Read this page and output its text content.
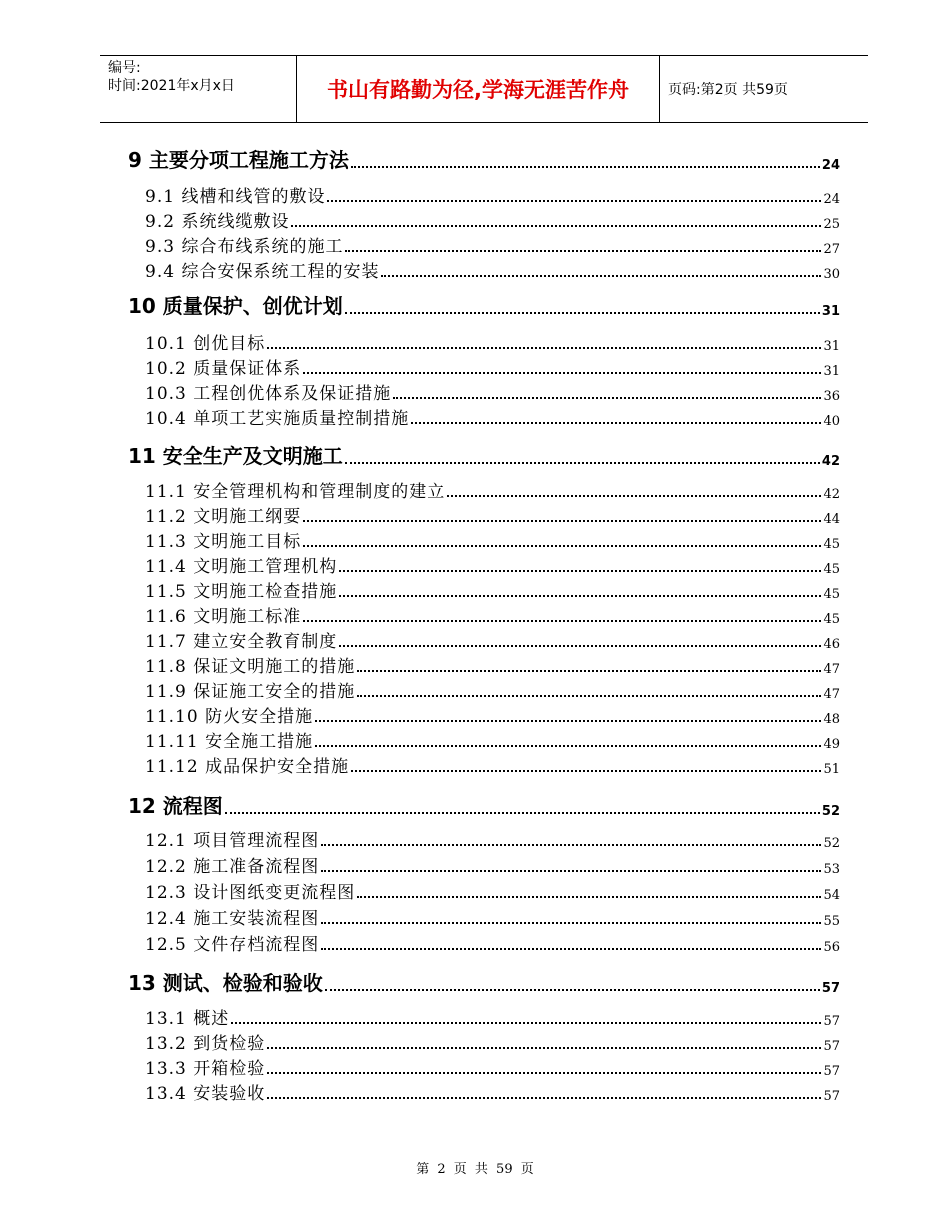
编号:
时间:2021年x月x日	书山有路勤为径,学海无涯苦作舟	页码:第2页 共59页
9 主要分项工程施工方法	24
9.1 线槽和线管的敷设	24
9.2 系统线缆敷设	25
9.3 综合布线系统的施工	27
9.4 综合安保系统工程的安装	30
10 质量保护、创优计划	31
10.1 创优目标	31
10.2 质量保证体系	31
10.3 工程创优体系及保证措施	36
10.4 单项工艺实施质量控制措施	40
11 安全生产及文明施工	42
11.1 安全管理机构和管理制度的建立	42
11.2 文明施工纲要	44
11.3 文明施工目标	45
11.4 文明施工管理机构	45
11.5 文明施工检查措施	45
11.6 文明施工标准	45
11.7 建立安全教育制度	46
11.8 保证文明施工的措施	47
11.9 保证施工安全的措施	47
11.10 防火安全措施	48
11.11 安全施工措施	49
11.12 成品保护安全措施	51
12 流程图	52
12.1 项目管理流程图	52
12.2 施工准备流程图	53
12.3 设计图纸变更流程图	54
12.4 施工安装流程图	55
12.5 文件存档流程图	56
13 测试、检验和验收	57
13.1 概述	57
13.2 到货检验	57
13.3 开箱检验	57
13.4 安装验收	57
第 2 页 共 59 页
